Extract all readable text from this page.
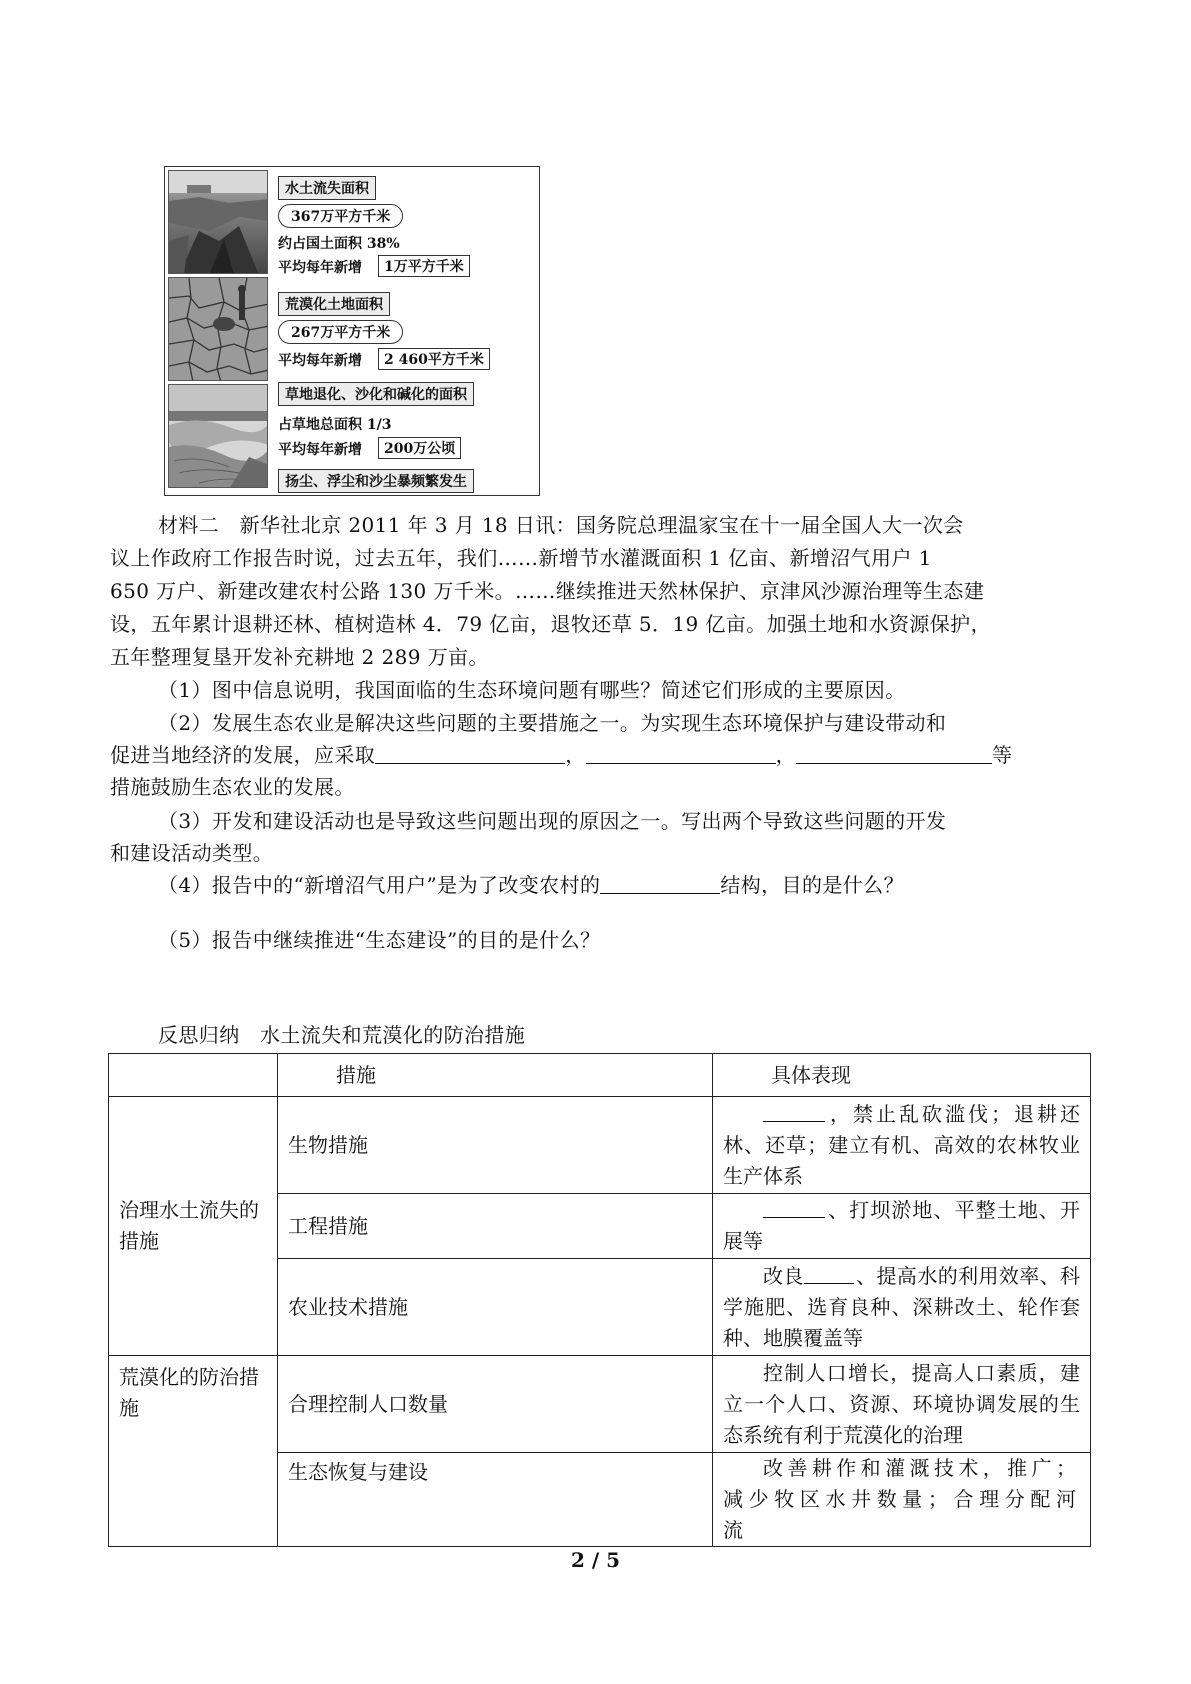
水土流失面积
367万平方千米
约占国土面积 38%
平均每年新增	1万平方千米
荒漠化土地面积
267万平方千米
平均每年新增	2 460平方千米
草地退化、沙化和碱化的面积
占草地总面积 1/3
平均每年新增	200万公顷
扬尘、浮尘和沙尘暴频繁发生
材料二　新华社北京 2011 年 3 月 18 日讯：国务院总理温家宝在十一届全国人大一次会
议上作政府工作报告时说，过去五年，我们……新增节水灌溉面积 1 亿亩、新增沼气用户 1
650 万户、新建改建农村公路 130 万千米。……继续推进天然林保护、京津风沙源治理等生态建
设，五年累计退耕还林、植树造林 4．79 亿亩，退牧还草 5．19 亿亩。加强土地和水资源保护，
五年整理复垦开发补充耕地 2 289 万亩。
（1）图中信息说明，我国面临的生态环境问题有哪些？简述它们形成的主要原因。
（2）发展生态农业是解决这些问题的主要措施之一。为实现生态环境保护与建设带动和
促进当地经济的发展，应采取	，	，	等
措施鼓励生态农业的发展。
（3）开发和建设活动也是导致这些问题出现的原因之一。写出两个导致这些问题的开发
和建设活动类型。
（4）报告中的“新增沼气用户”是为了改变农村的	结构，目的是什么？
（5）报告中继续推进“生态建设”的目的是什么？
反思归纳　水土流失和荒漠化的防治措施
	措施	具体表现
治理水土流失的措施	生物措施	，禁止乱砍滥伐；退耕还林、还草；建立有机、高效的农林牧业生产体系
	工程措施	、打坝淤地、平整土地、开展等
	农业技术措施	改良 、提高水的利用效率、科学施肥、选育良种、深耕改土、轮作套种、地膜覆盖等
荒漠化的防治措施	合理控制人口数量	控制人口增长，提高人口素质，建立一个人口、资源、环境协调发展的生态系统有利于荒漠化的治理
	生态恢复与建设	改善耕作和灌溉技术，推广；减少牧区水井数量；合理分配河流
2 / 5
